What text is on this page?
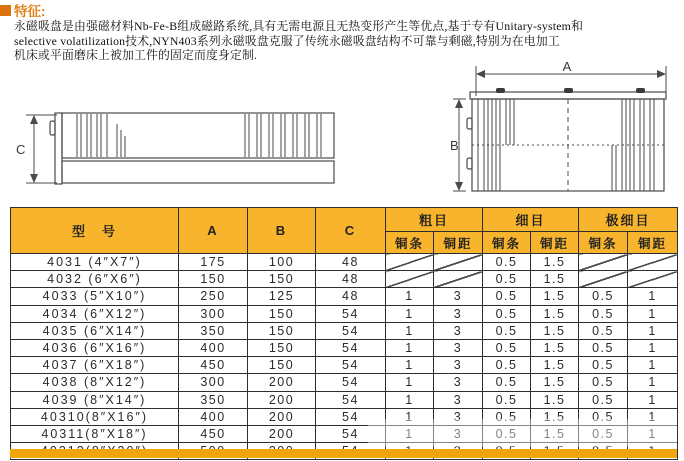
特征:
永磁吸盘是由强磁材料Nb-Fe-B组成磁路系统,具有无需电源且无热变形产生等优点,基于专有Unitary-system和
selective volatilization技术,NYN403系列永磁吸盘克服了传统永磁吸盘结构不可靠与剩磁,特别为在电加工
机床或平面磨床上被加工件的固定而度身定制.
C
A
B
型　号	A	B	C	粗目		细目		极细目	
				铜条	铜距	铜条	铜距	铜条	铜距
4031 (4″X7″)	175	100	48			0.5	1.5		
4032 (6″X6″)	150	150	48			0.5	1.5		
4033 (5″X10″)	250	125	48	1	3	0.5	1.5	0.5	1
4034 (6″X12″)	300	150	54	1	3	0.5	1.5	0.5	1
4035 (6″X14″)	350	150	54	1	3	0.5	1.5	0.5	1
4036 (6″X16″)	400	150	54	1	3	0.5	1.5	0.5	1
4037 (6″X18″)	450	150	54	1	3	0.5	1.5	0.5	1
4038 (8″X12″)	300	200	54	1	3	0.5	1.5	0.5	1
4039 (8″X14″)	350	200	54	1	3	0.5	1.5	0.5	1
40310(8″X16″)	400	200	54	1	3	0.5	1.5	0.5	1
40311(8″X18″)	450	200	54	1	3	0.5	1.5	0.5	1
